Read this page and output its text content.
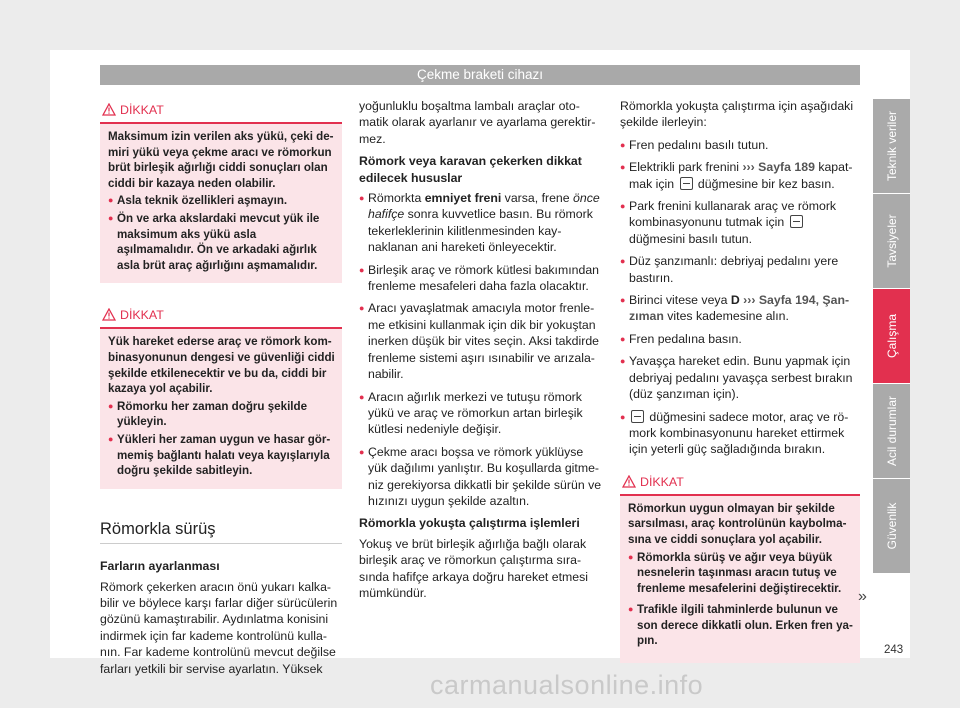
Çekme braketi cihazı
DİKKAT

Maksimum izin verilen aks yükü, çeki demiri yükü veya çekme aracı ve römorkun brüt birleşik ağırlığı ciddi sonuçları olan ciddi bir kazaya neden olabilir.

● Asla teknik özellikleri aşmayın.
● Ön ve arka akslardaki mevcut yük ile maksimum aks yükü asla aşılmamalıdır. Ön ve arkadaki ağırlık asla brüt araç ağırlığını aşmamalıdır.
DİKKAT

Yük hareket ederse araç ve römork kombinasyonunun dengesi ve güvenliği ciddi şekilde etkilenecektir ve bu da, ciddi bir kazaya yol açabilir.

● Römorku her zaman doğru şekilde yükleyin.
● Yükleri her zaman uygun ve hasar görmemiş bağlantı halatı veya kayışlarıyla doğru şekilde sabitleyin.
Römorkla sürüş

Farların ayarlanması

Römork çekerken aracın önü yukarı kalkabilir ve böylece karşı farlar diğer sürücülerin gözünü kamaştırabilir. Aydınlatma konisini indirmek için far kademe kontrolünü kullanın. Far kademe kontrolünü mevcut değilse farları yetkili bir servise ayarlatın. Yüksek

yoğunluklu boşaltma lambalı araçlar otomatik olarak ayarlanır ve ayarlama gerektirmez.

Römork veya karavan çekerken dikkat edilecek hususlar

● Römorkta emniyet freni varsa, frene önce hafifçe sonra kuvvetlice basın. Bu römork tekerleklerinin kilitlenmesinden kaynaklanan ani hareketi önleyecektir.
● Birleşik araç ve römork kütlesi bakımından frenleme mesafeleri daha fazla olacaktır.
● Aracı yavaşlatmak amacıyla motor frenleme etkisini kullanmak için dik bir yokuştan inerken düşük bir vites seçin. Aksi takdirde frenleme sistemi aşırı ısınabilir ve arızalanabilir.
● Aracın ağırlık merkezi ve tutuşu römork yükü ve araç ve römorkun artan birleşik kütlesi nedeniyle değişir.
● Çekme aracı boşsa ve römork yüklüyse yük dağılımı yanlıştır. Bu koşullarda gitmeniz gerekiyorsa dikkatli bir şekilde sürün ve hızınızı uygun şekilde azaltın.

Römorkla yokuşta çalıştırma işlemleri

Yokuş ve brüt birleşik ağırlığa bağlı olarak birleşik araç ve römorkun çalıştırma sırasında hafifçe arkaya doğru hareket etmesi mümkündür.

Römorkla yokuşta çalıştırma için aşağıdaki şekilde ilerleyin:

● Fren pedalını basılı tutun.
● Elektrikli park frenini ››› Sayfa 189 kapatmak için  düğmesine bir kez basın.
● Park frenini kullanarak araç ve römork kombinasyonunu tutmak için  düğmesini basılı tutun.
● Düz şanzımanlı: debriyaj pedalını yere bastırın.
● Birinci vitese veya D ››› Sayfa 194, Şanzıman vites kademesine alın.
● Fren pedalına basın.
● Yavaşça hareket edin. Bunu yapmak için debriyaj pedalını yavaşça serbest bırakın (düz şanzıman için).
● düğmesini sadece motor, araç ve römork kombinasyonunu hareket ettirmek için yeterli güç sağladığında bırakın.
DİKKAT

Römorkun uygun olmayan bir şekilde sarsılması, araç kontrolünün kaybolmasına ve ciddi sonuçlara yol açabilir.

● Römorkla sürüş ve ağır veya büyük nesnelerin taşınması aracın tutuş ve frenleme mesafelerini değiştirecektir.
● Trafikle ilgili tahminlerde bulunun ve son derece dikkatli olun. Erken fren yapın.
»
243
Teknik veriler
Tavsiyeler
Çalışma
Acil durumlar
Güvenlik
carmanualsonline.info
